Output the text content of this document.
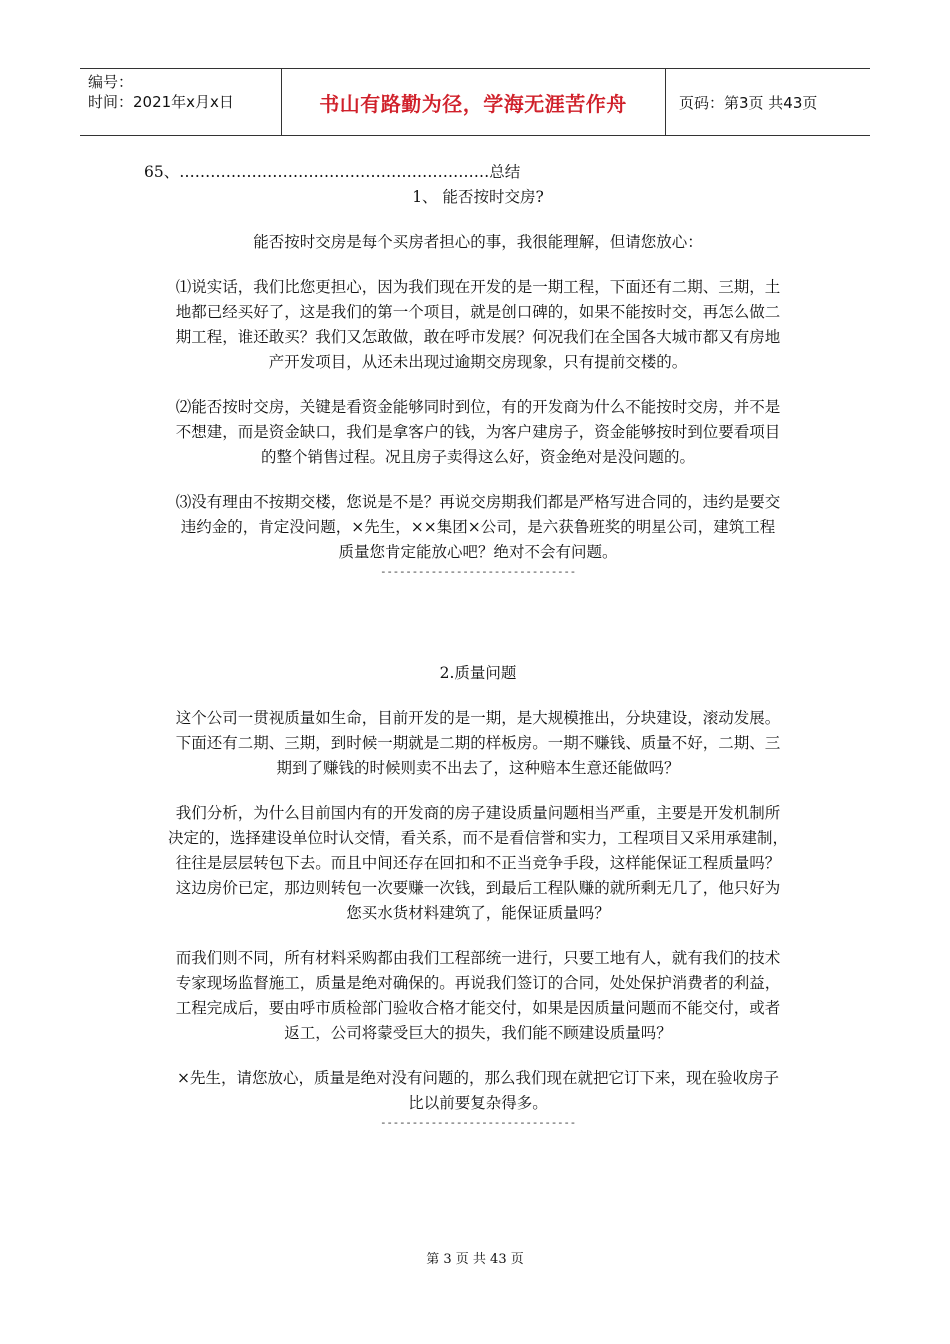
编号：
时间：2021年x月x日	书山有路勤为径，学海无涯苦作舟	页码：第3页 共43页

65、……………………………………………………总结

1、 能否按时交房?

能否按时交房是每个买房者担心的事，我很能理解，但请您放心：

⑴说实话，我们比您更担心，因为我们现在开发的是一期工程，下面还有二期、三期，土

地都已经买好了，这是我们的第一个项目，就是创口碑的，如果不能按时交，再怎么做二

期工程，谁还敢买？我们又怎敢做，敢在呼市发展？何况我们在全国各大城市都又有房地

产开发项目，从还未出现过逾期交房现象，只有提前交楼的。

⑵能否按时交房，关键是看资金能够同时到位，有的开发商为什么不能按时交房，并不是

不想建，而是资金缺口，我们是拿客户的钱，为客户建房子，资金能够按时到位要看项目

的整个销售过程。况且房子卖得这么好，资金绝对是没问题的。

⑶没有理由不按期交楼，您说是不是？再说交房期我们都是严格写进合同的，违约是要交

违约金的，肯定没问题，×先生，××集团×公司，是六获鲁班奖的明星公司，建筑工程

质量您肯定能放心吧？绝对不会有问题。

-------------------------------

2.质量问题

这个公司一贯视质量如生命，目前开发的是一期，是大规模推出，分块建设，滚动发展。

下面还有二期、三期，到时候一期就是二期的样板房。一期不赚钱、质量不好，二期、三

期到了赚钱的时候则卖不出去了，这种赔本生意还能做吗？

我们分析，为什么目前国内有的开发商的房子建设质量问题相当严重，主要是开发机制所

决定的，选择建设单位时认交情，看关系，而不是看信誉和实力，工程项目又采用承建制，

往往是层层转包下去。而且中间还存在回扣和不正当竞争手段，这样能保证工程质量吗？

这边房价已定，那边则转包一次要赚一次钱，到最后工程队赚的就所剩无几了，他只好为

您买水货材料建筑了，能保证质量吗？

而我们则不同，所有材料采购都由我们工程部统一进行，只要工地有人，就有我们的技术

专家现场监督施工，质量是绝对确保的。再说我们签订的合同，处处保护消费者的利益，

工程完成后，要由呼市质检部门验收合格才能交付，如果是因质量问题而不能交付，或者

返工，公司将蒙受巨大的损失，我们能不顾建设质量吗？

×先生，请您放心，质量是绝对没有问题的，那么我们现在就把它订下来，现在验收房子

比以前要复杂得多。

-------------------------------

第 3 页 共 43 页
